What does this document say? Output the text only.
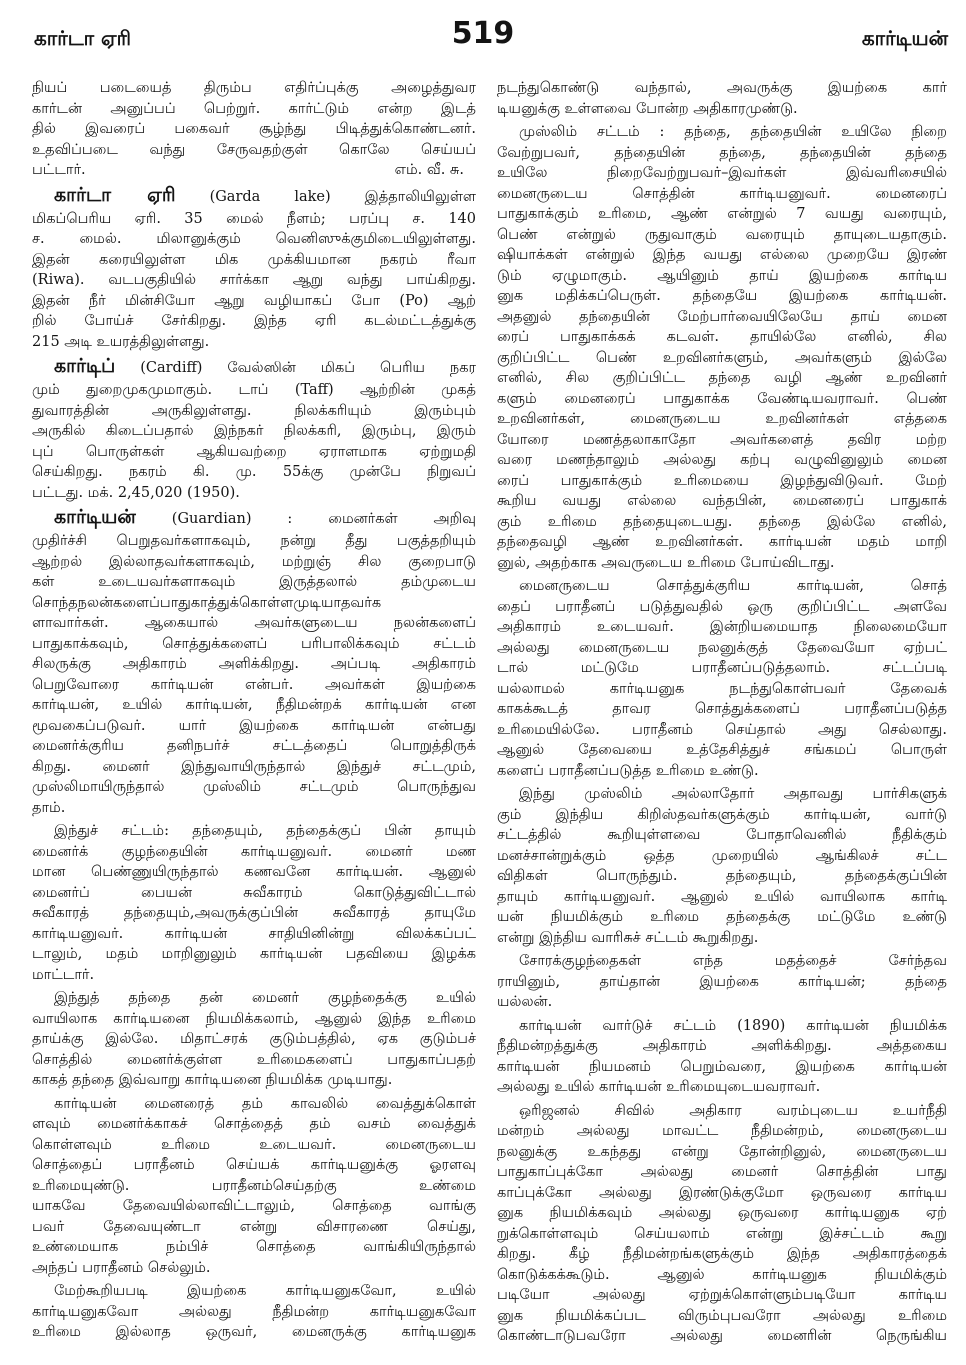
கார்டா ஏரி	519	கார்டியன்
நியப் படையைத் திரும்ப எதிர்ப்புக்கு அழைத்துவர
கார்டன் அனுப்பப் பெற்றுர். கார்ட்டும் என்ற இடத்
தில் இவரைப் பகைவர் சூழ்ந்து பிடித்துக்கொண்டனர்.
உதவிப்படை வந்து சேருவதற்குள் கொலே செய்யப்
பட்டார்.	எம். வீ. சு.
கார்டா ஏரி (Garda lake) இத்தாலியிலுள்ள
மிகப்பெரிய ஏரி. 35 மைல் நீளம்; பரப்பு ச. 140
ச. மைல். மிலானுக்கும் வெனிஸுக்குமிடையிலுள்ளது.
இதன் கரையிலுள்ள மிக முக்கியமான நகரம் ரீவா
(Riwa). வடபகுதியில் சார்க்கா ஆறு வந்து பாய்கிறது.
இதன் நீர் மின்சியோ ஆறு வழியாகப் போ (Po) ஆற்
றில் போய்ச் சேர்கிறது. இந்த ஏரி கடல்மட்டத்துக்கு
215 அடி உயரத்திலுள்ளது.
கார்டிப் (Cardiff) வேல்ஸின் மிகப் பெரிய நகர
மும் துறைமுகமுமாகும். டாப் (Taff) ஆற்றின் முகத்
துவாரத்தின் அருகிலுள்ளது. நிலக்கரியும் இரும்பும்
அருகில் கிடைப்பதால் இந்நகர் நிலக்கரி, இரும்பு, இரும்
புப் பொருள்கள் ஆகியவற்றை ஏராளமாக ஏற்றுமதி
செய்கிறது. நகரம் கி. மு. 55க்கு முன்பே நிறுவப்
பட்டது. மக். 2,45,020 (1950).
கார்டியன் (Guardian) : மைனர்கள் அறிவு
முதிர்ச்சி பெறுதவர்களாகவும், நன்று தீது பகுத்தறியும்
ஆற்றல் இல்லாதவர்களாகவும், மற்றுஞ் சில குறைபாடு
கள் உடையவர்களாகவும் இருத்தலால் தம்முடைய
சொந்தநலன்களைப்பாதுகாத்துக்கொள்ளமுடியாதவர்க
ளாவார்கள். ஆகையால் அவர்களுடைய நலன்களைப்
பாதுகாக்கவும், சொத்துக்களைப் பரிபாலிக்கவும் சட்டம்
சிலருக்கு அதிகாரம் அளிக்கிறது. அப்படி அதிகாரம்
பெறுவோரை கார்டியன் என்பர். அவர்கள் இயற்கை
கார்டியன், உயில் கார்டியன், நீதிமன்றக் கார்டியன் என
மூவகைப்படுவர். யார் இயற்கை கார்டியன் என்பது
மைனர்க்குரிய தனிநபர்ச் சட்டத்தைப் பொறுத்திருக்
கிறது. மைனர் இந்துவாயிருந்தால் இந்துச் சட்டமும்,
முஸ்லிமாயிருந்தால் முஸ்லிம் சட்டமும் பொருந்துவ
தாம்.
இந்துச் சட்டம்: தந்தையும், தந்தைக்குப் பின் தாயும்
மைனர்க் குழந்தையின் கார்டியனுவர். மைனர் மண
மான பெண்ணுயிருந்தால் கணவனே கார்டியன். ஆனுல்
மைனர்ப் பையன் சுவீகாரம் கொடுத்துவிட்டால்
சுவீகாரத் தந்தையும்,அவருக்குப்பின் சுவீகாரத் தாயுமே
கார்டியனுவர். கார்டியன் சாதியினின்று விலக்கப்பட்
டாலும், மதம் மாறினுலும் கார்டியன் பதவியை இழக்க
மாட்டார்.
இந்துத் தந்தை தன் மைனர் குழந்தைக்கு உயில்
வாயிலாக கார்டியனை நியமிக்கலாம், ஆனுல் இந்த உரிமை
தாய்க்கு இல்லே. மிதாட்சரக் குடும்பத்தில், ஏக குடும்பச்
சொத்தில் மைனர்க்குள்ள உரிமைகளைப் பாதுகாப்பதற்
காகத் தந்தை இவ்வாறு கார்டியனை நியமிக்க முடியாது.
கார்டியன் மைனரைத் தம் காவலில் வைத்துக்கொள்
ளவும் மைனர்க்காகச் சொத்தைத் தம் வசம் வைத்துக்
கொள்ளவும் உரிமை உடையவர். மைனருடைய
சொத்தைப் பராதீனம் செய்யக் கார்டியனுக்கு ஓரளவு
உரிமையுண்டு. பராதீனம்செய்தற்கு உண்மை
யாகவே தேவையில்லாவிட்டாலும், சொத்தை வாங்கு
பவர் தேவையுண்டா என்று விசாரணை செய்து,
உண்மையாக நம்பிச் சொத்தை வாங்கியிருந்தால்
அந்தப் பராதீனம் செல்லும்.
மேற்கூறியபடி இயற்கை கார்டியனுகவோ, உயில்
கார்டியனுகவோ அல்லது நீதிமன்ற கார்டியனுகவோ
உரிமை இல்லாத ஒருவர், மைனருக்கு கார்டியனுக
நடந்துகொண்டு வந்தால், அவருக்கு இயற்கை கார்
டியனுக்கு உள்ளவை போன்ற அதிகாரமுண்டு.
முஸ்லிம் சட்டம் : தந்தை, தந்தையின் உயிலே நிறை
வேற்றுபவர், தந்தையின் தந்தை, தந்தையின் தந்தை
உயிலே நிறைவேற்றுபவர்–இவர்கள் இவ்வரிசையில்
மைனருடைய சொத்தின் கார்டியனுவர். மைனரைப்
பாதுகாக்கும் உரிமை, ஆண் என்றுல் 7 வயது வரையும்,
பெண் என்றுல் ருதுவாகும் வரையும் தாயுடையதாகும்.
ஷியாக்கள் என்றுல் இந்த வயது எல்லை முறையே இரண்
டும் ஏழுமாகும். ஆயினும் தாய் இயற்கை கார்டிய
னுக மதிக்கப்பெருள். தந்தையே இயற்கை கார்டியன்.
அதனுல் தந்தையின் மேற்பார்வையிலேயே தாய் மைன
ரைப் பாதுகாக்கக் கடவள். தாயில்லே எனில், சில
குறிப்பிட்ட பெண் உறவினர்களும், அவர்களும் இல்லே
எனில், சில குறிப்பிட்ட தந்தை வழி ஆண் உறவினர்
களும் மைனரைப் பாதுகாக்க வேண்டியவராவர். பெண்
உறவினர்கள், மைனருடைய உறவினர்கள் எத்தகை
யோரை மணத்தலாகாதோ அவர்களைத் தவிர மற்ற
வரை மணந்தாலும் அல்லது கற்பு வழுவினுலும் மைன
ரைப் பாதுகாக்கும் உரிமையை இழந்துவிடுவர். மேற்
கூறிய வயது எல்லை வந்தபின், மைனரைப் பாதுகாக்
கும் உரிமை தந்தையுடையது. தந்தை இல்லே எனில்,
தந்தைவழி ஆண் உறவினர்கள். கார்டியன் மதம் மாறி
னுல், அதற்காக அவருடைய உரிமை போய்விடாது.
மைனருடைய சொத்துக்குரிய கார்டியன், சொத்
தைப் பராதீனப் படுத்துவதில் ஒரு குறிப்பிட்ட அளவே
அதிகாரம் உடையவர். இன்றியமையாத நிலைமையோ
அல்லது மைனருடைய நலனுக்குத் தேவையோ ஏற்பட்
டால் மட்டுமே பராதீனப்படுத்தலாம். சட்டப்படி
யல்லாமல் கார்டியனுக நடந்துகொள்பவர் தேவைக்
காகக்கூடத் தாவர சொத்துக்களைப் பராதீனப்படுத்த
உரிமையில்லே. பராதீனம் செய்தால் அது செல்லாது.
ஆனுல் தேவையை உத்தேசித்துச் சங்கமப் பொருள்
களைப் பராதீனப்படுத்த உரிமை உண்டு.
இந்து முஸ்லிம் அல்லாதோர் அதாவது பார்சிகளுக்
கும் இந்திய கிறிஸ்தவர்களுக்கும் கார்டியன், வார்டு
சட்டத்தில் கூறியுள்ளவை போதாவெனில் நீதிக்கும்
மனச்சான்றுக்கும் ஒத்த முறையில் ஆங்கிலச் சட்ட
விதிகள் பொருந்தும். தந்தையும், தந்தைக்குப்பின்
தாயும் கார்டியனுவர். ஆனுல் உயில் வாயிலாக கார்டி
யன் நியமிக்கும் உரிமை தந்தைக்கு மட்டுமே உண்டு
என்று இந்திய வாரிசுச் சட்டம் கூறுகிறது.
சோரக்குழந்தைகள் எந்த மதத்தைச் சேர்ந்தவ
ராயினும், தாய்தான் இயற்கை கார்டியன்; தந்தை
யல்லன்.
கார்டியன் வார்டுச் சட்டம் (1890) கார்டியன் நியமிக்க
நீதிமன்றத்துக்கு அதிகாரம் அளிக்கிறது. அத்தகைய
கார்டியன் நியமனம் பெறும்வரை, இயற்கை கார்டியன்
அல்லது உயில் கார்டியன் உரிமையுடையவராவர்.
ஒரிஜனல் சிவில் அதிகார வரம்புடைய உயர்நீதி
மன்றம் அல்லது மாவட்ட நீதிமன்றம், மைனருடைய
நலனுக்கு உகந்தது என்று தோன்றினுல், மைனருடைய
பாதுகாப்புக்கோ அல்லது மைனர் சொத்தின் பாது
காப்புக்கோ அல்லது இரண்டுக்குமோ ஒருவரை கார்டிய
னுக நியமிக்கவும் அல்லது ஒருவரை கார்டியனுக ஏற்
றுக்கொள்ளவும் செய்யலாம் என்று இச்சட்டம் கூறு
கிறது. கீழ் நீதிமன்றங்களுக்கும் இந்த அதிகாரத்தைக்
கொடுக்கக்கூடும். ஆனுல் கார்டியனுக நியமிக்கும்
படியோ அல்லது ஏற்றுக்கொள்ளும்படியோ கார்டிய
னுக நியமிக்கப்பட விரும்புபவரோ அல்லது உரிமை
கொண்டாடுபவரோ அல்லது மைனரின் நெருங்கிய
